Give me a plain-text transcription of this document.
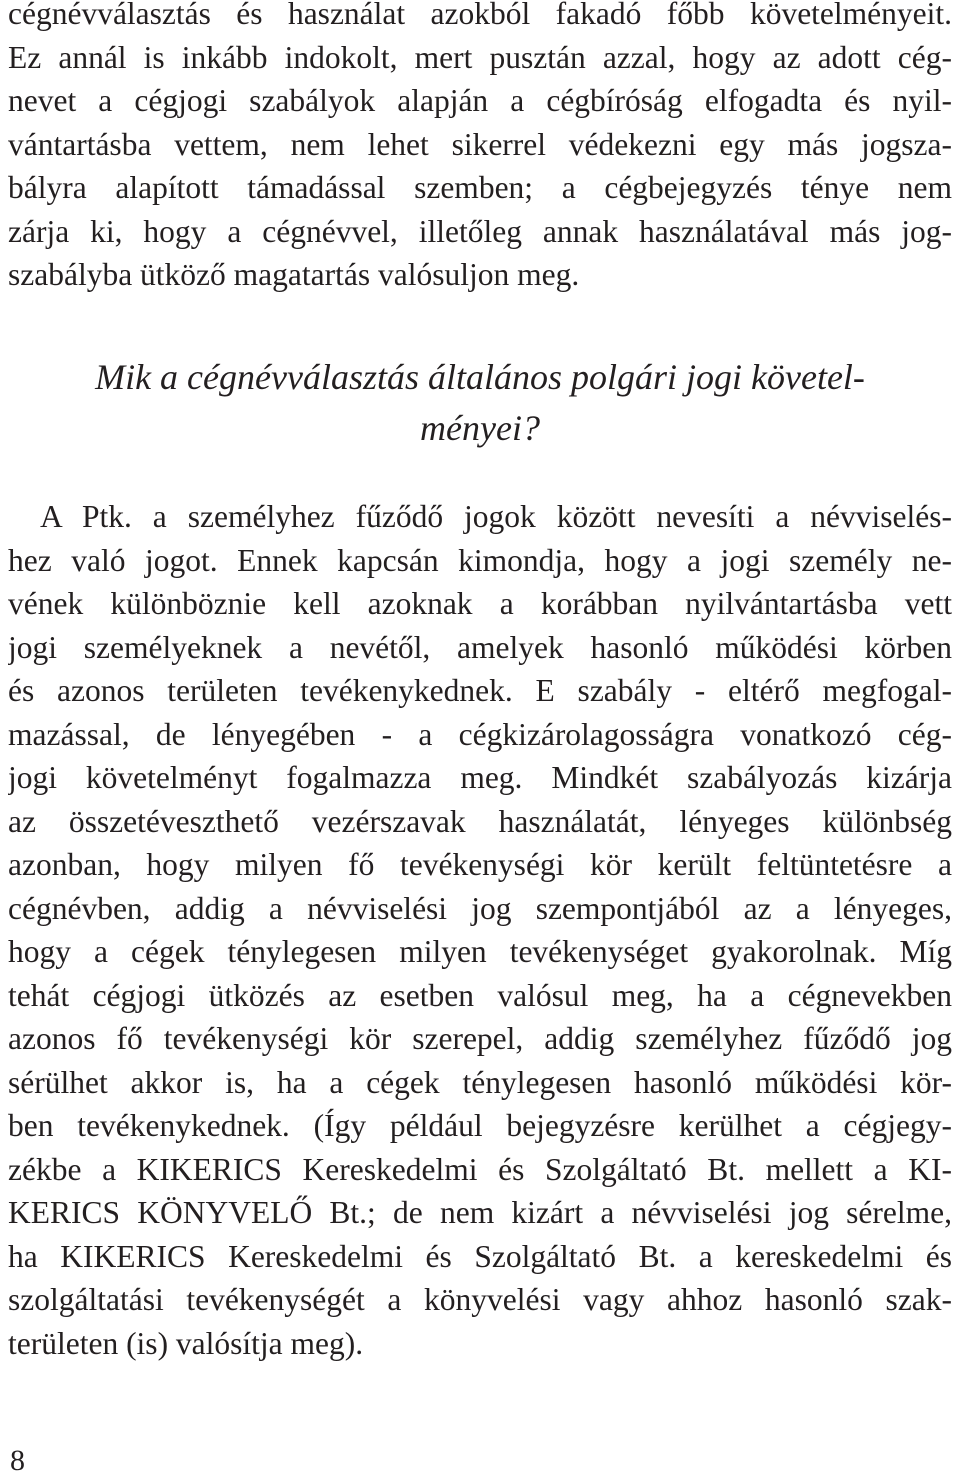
cégnévválasztás és használat azokból fakadó főbb követelményeit.
Ez annál is inkább indokolt, mert pusztán azzal, hogy az adott cég-
nevet a cégjogi szabályok alapján a cégbíróság elfogadta és nyil-
vántartásba vettem, nem lehet sikerrel védekezni egy más jogsza-
bályra alapított támadással szemben; a cégbejegyzés ténye nem
zárja ki, hogy a cégnévvel, illetőleg annak használatával más jog-
szabályba ütköző magatartás valósuljon meg.
Mik a cégnévválasztás általános polgári jogi követel-
ményei?
A Ptk. a személyhez fűződő jogok között nevesíti a névviselés-
hez való jogot. Ennek kapcsán kimondja, hogy a jogi személy ne-
vének különböznie kell azoknak a korábban nyilvántartásba vett
jogi személyeknek a nevétől, amelyek hasonló működési körben
és azonos területen tevékenykednek. E szabály - eltérő megfogal-
mazással, de lényegében - a cégkizárolagosságra vonatkozó cég-
jogi követelményt fogalmazza meg. Mindkét szabályozás kizárja
az összetéveszthető vezérszavak használatát, lényeges különbség
azonban, hogy milyen fő tevékenységi kör került feltüntetésre a
cégnévben, addig a névviselési jog szempontjából az a lényeges,
hogy a cégek ténylegesen milyen tevékenységet gyakorolnak. Míg
tehát cégjogi ütközés az esetben valósul meg, ha a cégnevekben
azonos fő tevékenységi kör szerepel, addig személyhez fűződő jog
sérülhet akkor is, ha a cégek ténylegesen hasonló működési kör-
ben tevékenykednek. (Így például bejegyzésre kerülhet a cégjegy-
zékbe a KIKERICS Kereskedelmi és Szolgáltató Bt. mellett a KI-
KERICS KÖNYVELŐ Bt.; de nem kizárt a névviselési jog sérelme,
ha KIKERICS Kereskedelmi és Szolgáltató Bt. a kereskedelmi és
szolgáltatási tevékenységét a könyvelési vagy ahhoz hasonló szak-
területen (is) valósítja meg).
8
